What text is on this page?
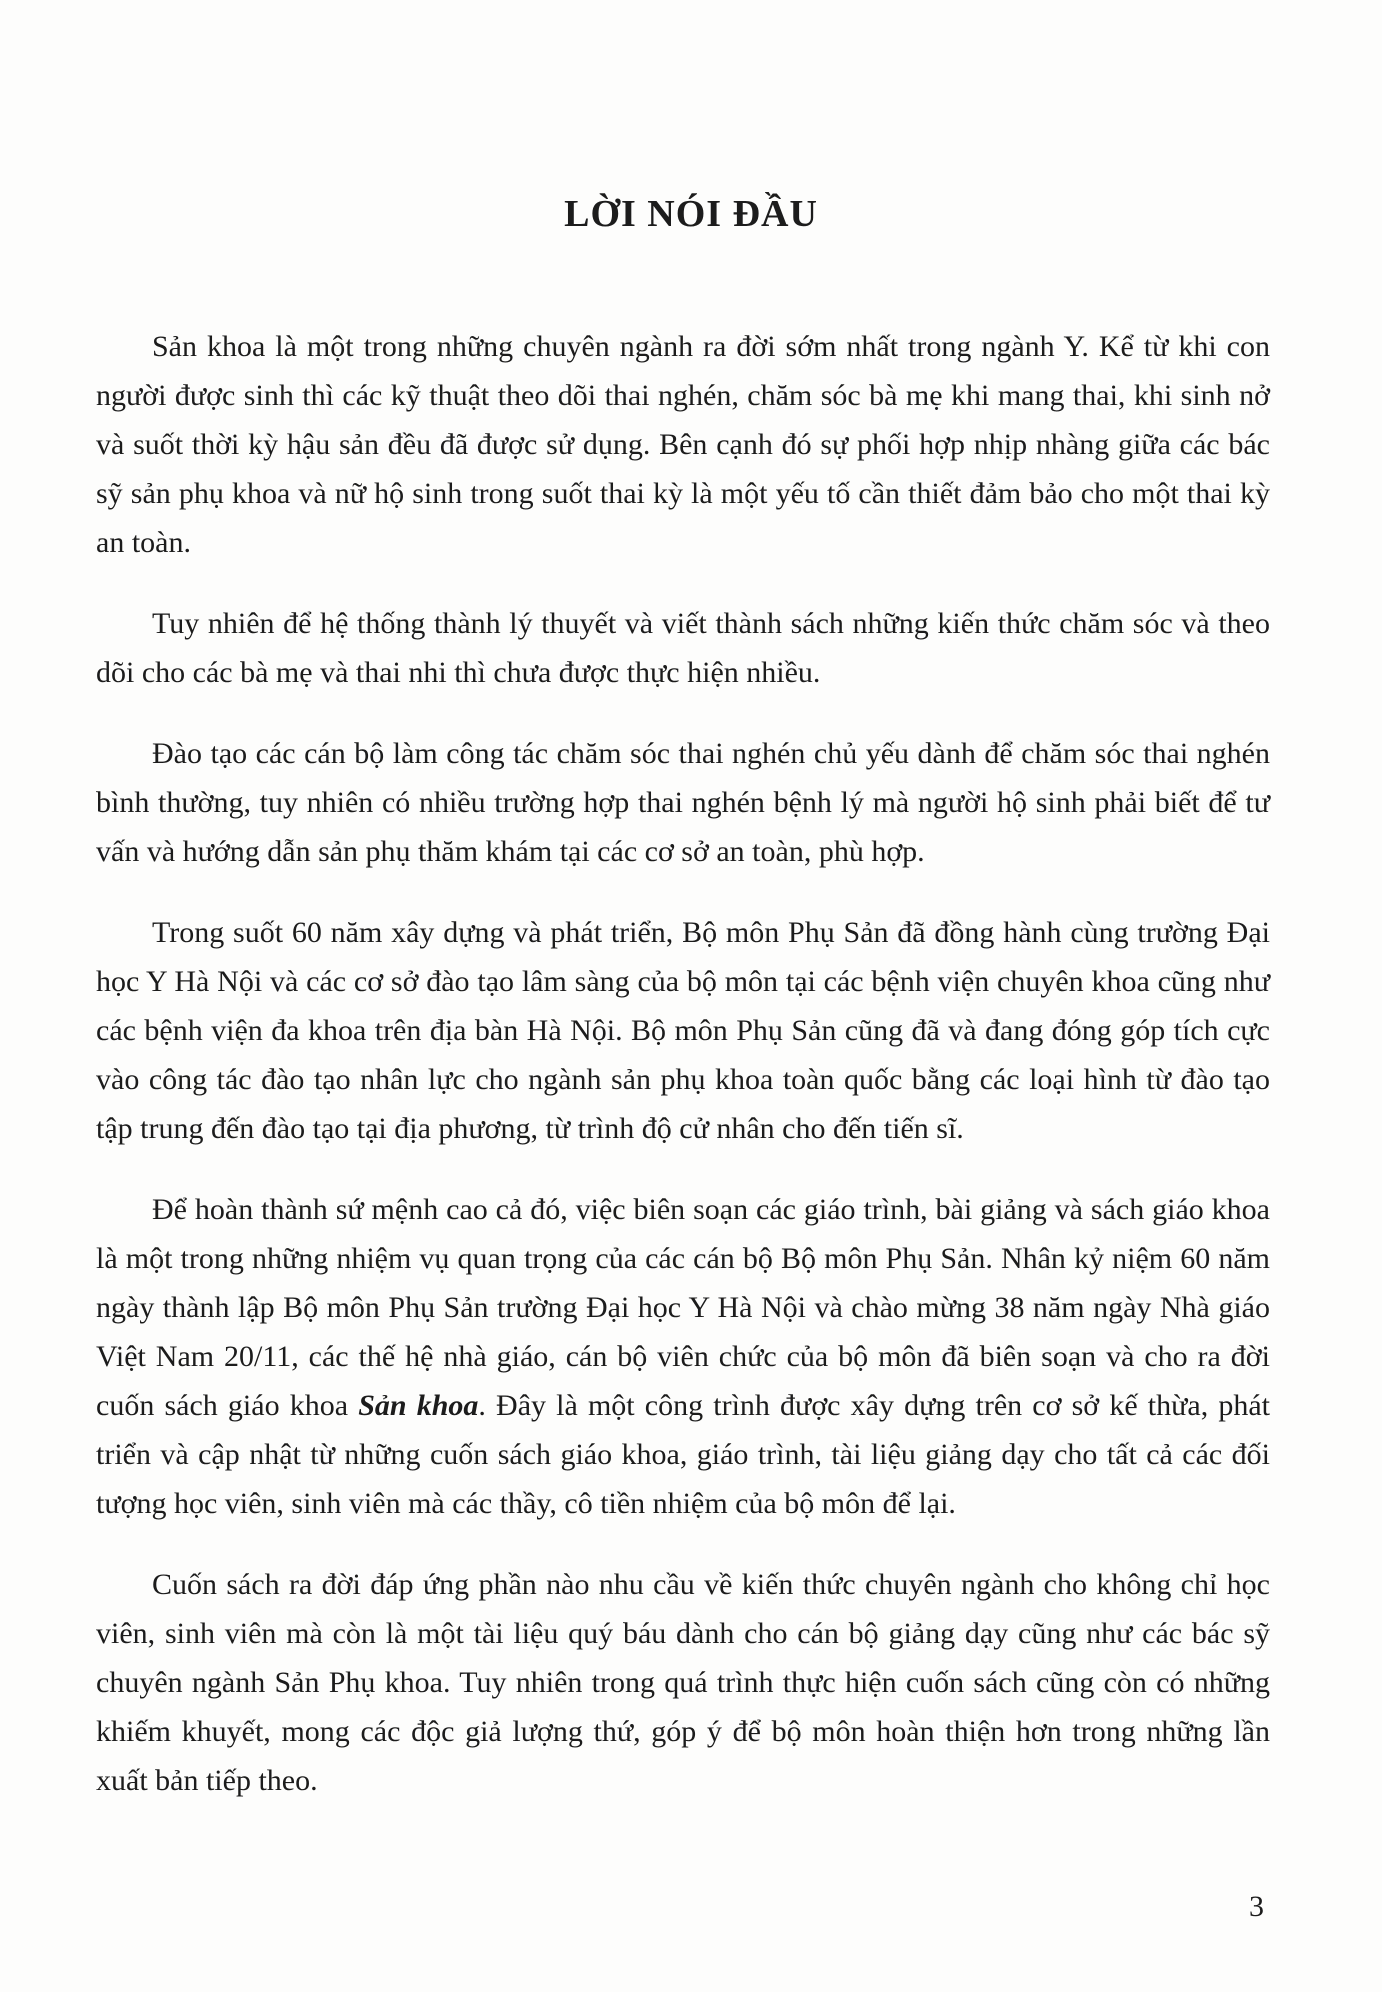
LỜI NÓI ĐẦU

Sản khoa là một trong những chuyên ngành ra đời sớm nhất trong ngành Y. Kể từ khi con người được sinh thì các kỹ thuật theo dõi thai nghén, chăm sóc bà mẹ khi mang thai, khi sinh nở và suốt thời kỳ hậu sản đều đã được sử dụng. Bên cạnh đó sự phối hợp nhịp nhàng giữa các bác sỹ sản phụ khoa và nữ hộ sinh trong suốt thai kỳ là một yếu tố cần thiết đảm bảo cho một thai kỳ an toàn.

Tuy nhiên để hệ thống thành lý thuyết và viết thành sách những kiến thức chăm sóc và theo dõi cho các bà mẹ và thai nhi thì chưa được thực hiện nhiều.

Đào tạo các cán bộ làm công tác chăm sóc thai nghén chủ yếu dành để chăm sóc thai nghén bình thường, tuy nhiên có nhiều trường hợp thai nghén bệnh lý mà người hộ sinh phải biết để tư vấn và hướng dẫn sản phụ thăm khám tại các cơ sở an toàn, phù hợp.

Trong suốt 60 năm xây dựng và phát triển, Bộ môn Phụ Sản đã đồng hành cùng trường Đại học Y Hà Nội và các cơ sở đào tạo lâm sàng của bộ môn tại các bệnh viện chuyên khoa cũng như các bệnh viện đa khoa trên địa bàn Hà Nội. Bộ môn Phụ Sản cũng đã và đang đóng góp tích cực vào công tác đào tạo nhân lực cho ngành sản phụ khoa toàn quốc bằng các loại hình từ đào tạo tập trung đến đào tạo tại địa phương, từ trình độ cử nhân cho đến tiến sĩ.

Để hoàn thành sứ mệnh cao cả đó, việc biên soạn các giáo trình, bài giảng và sách giáo khoa là một trong những nhiệm vụ quan trọng của các cán bộ Bộ môn Phụ Sản. Nhân kỷ niệm 60 năm ngày thành lập Bộ môn Phụ Sản trường Đại học Y Hà Nội và chào mừng 38 năm ngày Nhà giáo Việt Nam 20/11, các thế hệ nhà giáo, cán bộ viên chức của bộ môn đã biên soạn và cho ra đời cuốn sách giáo khoa Sản khoa. Đây là một công trình được xây dựng trên cơ sở kế thừa, phát triển và cập nhật từ những cuốn sách giáo khoa, giáo trình, tài liệu giảng dạy cho tất cả các đối tượng học viên, sinh viên mà các thầy, cô tiền nhiệm của bộ môn để lại.

Cuốn sách ra đời đáp ứng phần nào nhu cầu về kiến thức chuyên ngành cho không chỉ học viên, sinh viên mà còn là một tài liệu quý báu dành cho cán bộ giảng dạy cũng như các bác sỹ chuyên ngành Sản Phụ khoa. Tuy nhiên trong quá trình thực hiện cuốn sách cũng còn có những khiếm khuyết, mong các độc giả lượng thứ, góp ý để bộ môn hoàn thiện hơn trong những lần xuất bản tiếp theo.

3
